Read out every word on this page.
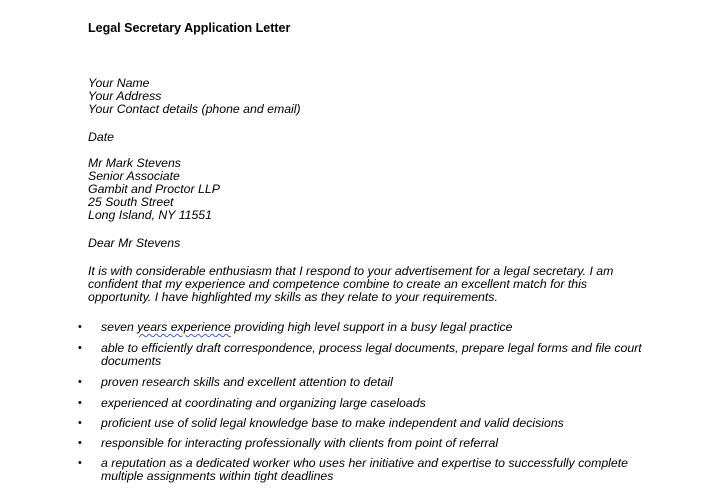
Legal Secretary Application Letter
Your Name
Your Address
Your Contact details (phone and email)
Date
Mr Mark Stevens
Senior Associate
Gambit and Proctor LLP
25 South Street
Long Island, NY 11551
Dear Mr Stevens
It is with considerable enthusiasm that I respond to your advertisement for a legal secretary. I am
confident that my experience and competence combine to create an excellent match for this
opportunity. I have highlighted my skills as they relate to your requirements.
• seven years experience providing high level support in a busy legal practice
• able to efficiently draft correspondence, process legal documents, prepare legal forms and file court
documents
• proven research skills and excellent attention to detail
• experienced at coordinating and organizing large caseloads
• proficient use of solid legal knowledge base to make independent and valid decisions
• responsible for interacting professionally with clients from point of referral
• a reputation as a dedicated worker who uses her initiative and expertise to successfully complete
multiple assignments within tight deadlines
